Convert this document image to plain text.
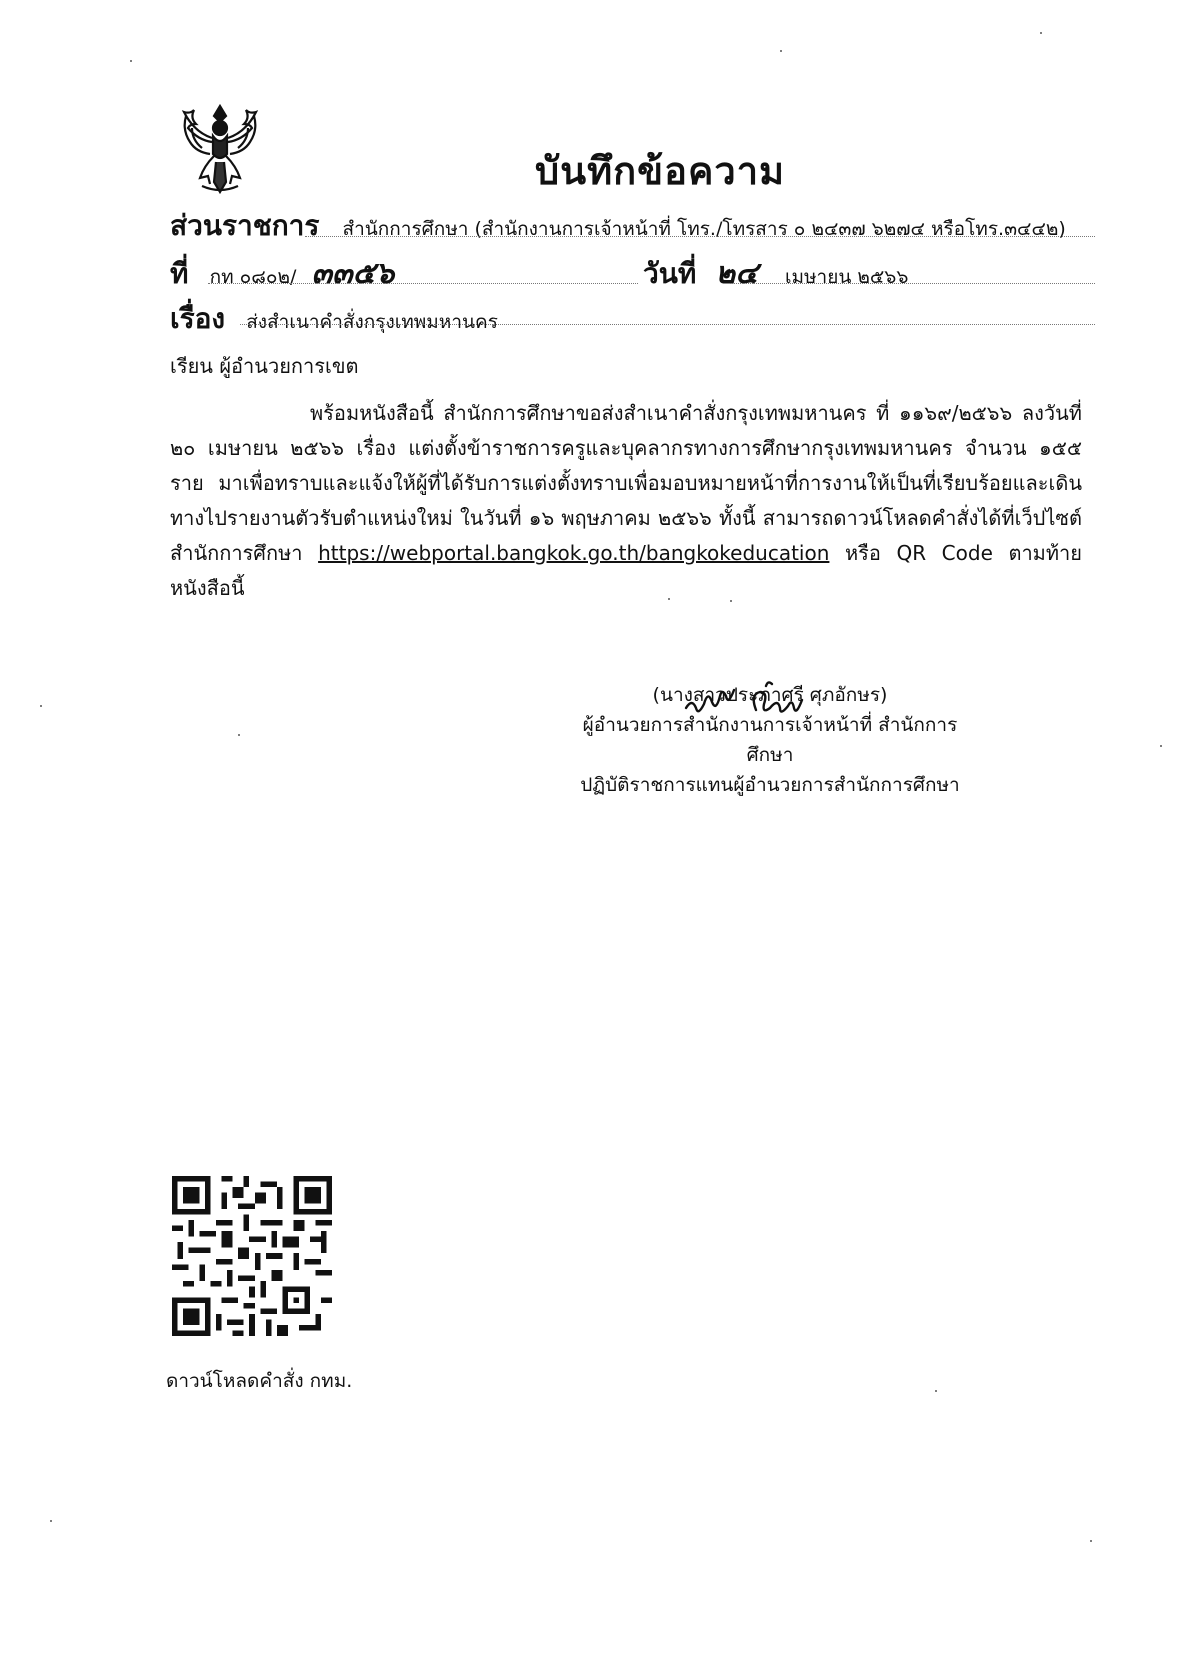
บันทึกข้อความ
ส่วนราชการ สำนักการศึกษา (สำนักงานการเจ้าหน้าที่ โทร./โทรสาร ๐ ๒๔๓๗ ๖๒๗๔ หรือโทร.๓๔๔๒)
ที่ กท ๐๘๐๒/ ๓๓๕๖	วันที่ ๒๔ เมษายน ๒๕๖๖
เรื่อง ส่งสำเนาคำสั่งกรุงเทพมหานคร
เรียน ผู้อำนวยการเขต

พร้อมหนังสือนี้ สำนักการศึกษาขอส่งสำเนาคำสั่งกรุงเทพมหานคร ที่ ๑๑๖๙/๒๕๖๖ ลงวันที่ ๒๐ เมษายน ๒๕๖๖ เรื่อง แต่งตั้งข้าราชการครูและบุคลากรทางการศึกษากรุงเทพมหานคร จำนวน ๑๕๕ ราย มาเพื่อทราบและแจ้งให้ผู้ที่ได้รับการแต่งตั้งทราบเพื่อมอบหมายหน้าที่การงานให้เป็นที่เรียบร้อยและเดินทางไปรายงานตัวรับตำแหน่งใหม่ ในวันที่ ๑๖ พฤษภาคม ๒๕๖๖ ทั้งนี้ สามารถดาวน์โหลดคำสั่งได้ที่เว็ปไซต์สำนักการศึกษา https://webportal.bangkok.go.th/bangkokeducation หรือ QR Code ตามท้ายหนังสือนี้

(นางสาวประภาศรี ศุภอักษร)
ผู้อำนวยการสำนักงานการเจ้าหน้าที่ สำนักการศึกษา
ปฏิบัติราชการแทนผู้อำนวยการสำนักการศึกษา
ดาวน์โหลดคำสั่ง กทม.
